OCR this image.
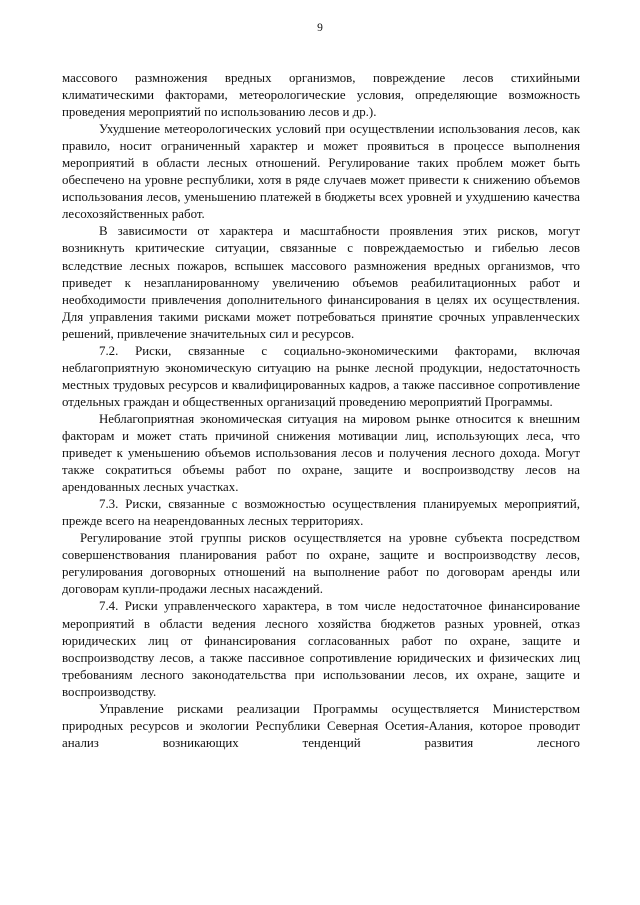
9

массового размножения вредных организмов, повреждение лесов стихийными климатическими факторами, метеорологические условия, определяющие возможность проведения мероприятий по использованию лесов и др.).

Ухудшение метеорологических условий при осуществлении использования лесов, как правило, носит ограниченный характер и может проявиться в процессе выполнения мероприятий в области лесных отношений. Регулирование таких проблем может быть обеспечено на уровне республики, хотя в ряде случаев может привести к снижению объемов использования лесов, уменьшению платежей в бюджеты всех уровней и ухудшению качества лесохозяйственных работ.

В зависимости от характера и масштабности проявления этих рисков, могут возникнуть критические ситуации, связанные с повреждаемостью и гибелью лесов вследствие лесных пожаров, вспышек массового размножения вредных организмов, что приведет к незапланированному увеличению объемов реабилитационных работ и необходимости привлечения дополнительного финансирования в целях их осуществления. Для управления такими рисками может потребоваться принятие срочных управленческих решений, привлечение значительных сил и ресурсов.

7.2. Риски, связанные с социально-экономическими факторами, включая неблагоприятную экономическую ситуацию на рынке лесной продукции, недостаточность местных трудовых ресурсов и квалифицированных кадров, а также пассивное сопротивление отдельных граждан и общественных организаций проведению мероприятий Программы.

Неблагоприятная экономическая ситуация на мировом рынке относится к внешним факторам и может стать причиной снижения мотивации лиц, использующих леса, что приведет к уменьшению объемов использования лесов и получения лесного дохода. Могут также сократиться объемы работ по охране, защите и воспроизводству лесов на арендованных лесных участках.

7.3. Риски, связанные с возможностью осуществления планируемых мероприятий, прежде всего на неарендованных лесных территориях.

Регулирование этой группы рисков осуществляется на уровне субъекта посредством совершенствования планирования работ по охране, защите и воспроизводству лесов, регулирования договорных отношений на выполнение работ по договорам аренды или договорам купли-продажи лесных насаждений.

7.4. Риски управленческого характера, в том числе недостаточное финансирование мероприятий в области ведения лесного хозяйства бюджетов разных уровней, отказ юридических лиц от финансирования согласованных работ по охране, защите и воспроизводству лесов, а также пассивное сопротивление юридических и физических лиц требованиям лесного законодательства при использовании лесов, их охране, защите и воспроизводству.

Управление рисками реализации Программы осуществляется Министерством природных ресурсов и экологии Республики Северная Осетия-Алания, которое проводит анализ возникающих тенденций развития лесного
